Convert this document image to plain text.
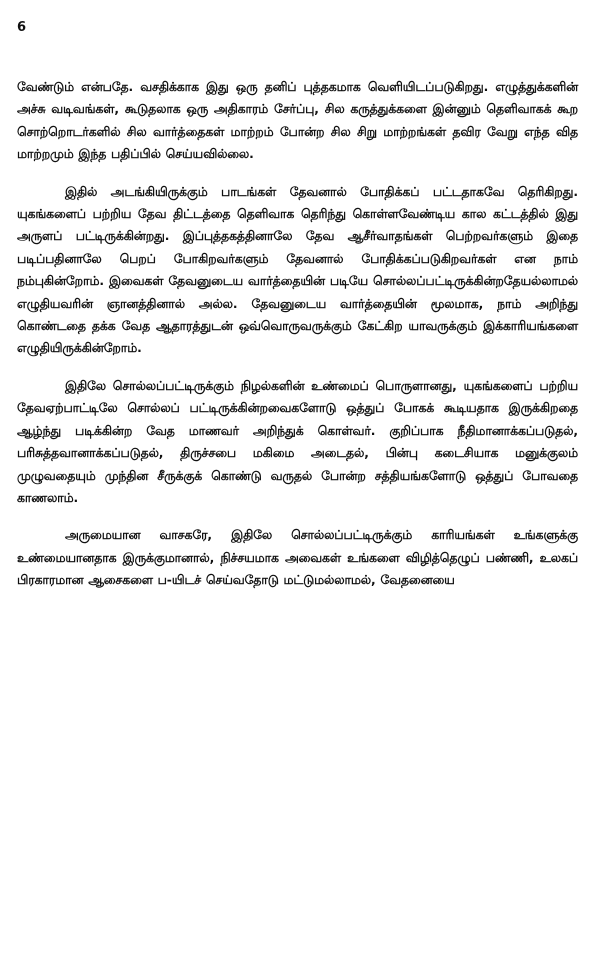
6

வேண்டும் என்பதே. வசதிக்காக இது ஒரு தனிப் புத்தகமாக வெளியிடப்படுகிறது. எழுத்துக்களின் அச்சு வடிவங்கள், கூடுதலாக ஒரு அதிகாரம் சேர்ப்பு, சில கருத்துக்களை இன்னும் தெளிவாகக் கூற சொற்றொடர்களில் சில வார்த்தைகள் மாற்றம் போன்ற சில சிறு மாற்றங்கள் தவிர வேறு எந்த வித மாற்றமும் இந்த பதிப்பில் செய்யவில்லை.

இதில் அடங்கியிருக்கும் பாடங்கள் தேவனால் போதிக்கப் பட்டதாகவே தெரிகிறது. யுகங்களைப் பற்றிய தேவ திட்டத்தை தெளிவாக தெரிந்து கொள்ளவேண்டிய கால கட்டத்தில் இது அருளப் பட்டிருக்கின்றது. இப்புத்தகத்தினாலே தேவ ஆசீர்வாதங்கள் பெற்றவர்களும் இதை படிப்பதினாலே பெறப் போகிறவர்களும் தேவனால் போதிக்கப்படுகிறவர்கள் என நாம் நம்புகின்றோம். இவைகள் தேவனுடைய வார்த்தையின் படியே சொல்லப்பட்டிருக்கின்றதேயல்லாமல் எழுதியவரின் ஞானத்தினால் அல்ல. தேவனுடைய வார்த்தையின் மூலமாக, நாம் அறிந்து கொண்டதை தக்க வேத ஆதாரத்துடன் ஒவ்வொருவருக்கும் கேட்கிற யாவருக்கும் இக்காரியங்களை எழுதியிருக்கின்றோம்.

இதிலே சொல்லப்பட்டிருக்கும் நிழல்களின் உண்மைப் பொருளானது, யுகங்களைப் பற்றிய தேவஏற்பாட்டிலே சொல்லப் பட்டிருக்கின்றவைகளோடு ஒத்துப் போகக் கூடியதாக இருக்கிறதை ஆழ்ந்து படிக்கின்ற வேத மாணவர் அறிந்துக் கொள்வர். குறிப்பாக நீதிமானாக்கப்படுதல், பரிசுத்தவானாக்கப்படுதல், திருச்சபை மகிமை அடைதல், பின்பு கடைசியாக மனுக்குலம் முழுவதையும் முந்தின சீருக்குக் கொண்டு வருதல் போன்ற சத்தியங்களோடு ஒத்துப் போவதை காணலாம்.

அருமையான வாசகரே, இதிலே சொல்லப்பட்டிருக்கும் காரியங்கள் உங்களுக்கு உண்மையானதாக இருக்குமானால், நிச்சயமாக அவைகள் உங்களை விழித்தெழுப் பண்ணி, உலகப் பிரகாரமான ஆசைகளை ப-யிடச் செய்வதோடு மட்டுமல்லாமல், வேதனையை
